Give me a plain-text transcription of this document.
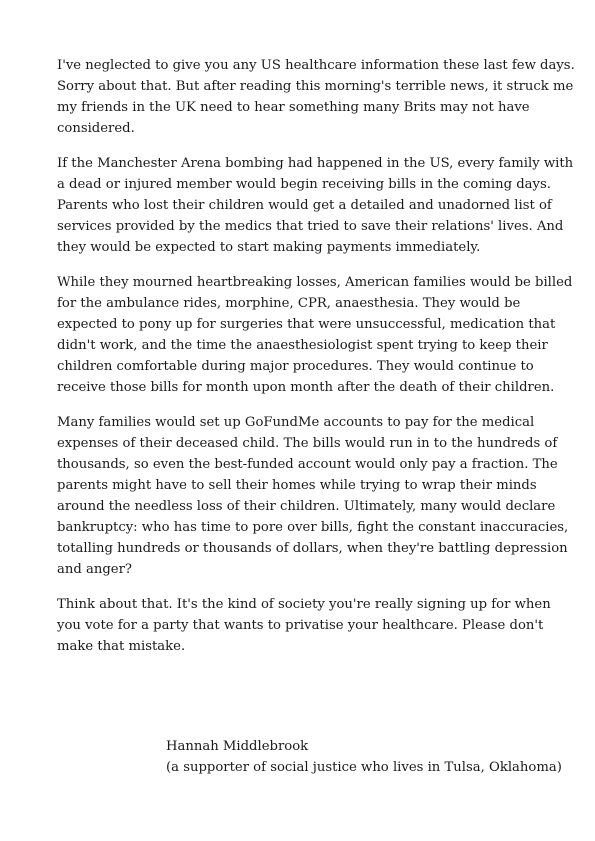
I've neglected to give you any US healthcare information these last few days.
Sorry about that. But after reading this morning's terrible news, it struck me
my friends in the UK need to hear something many Brits may not have
considered.

If the Manchester Arena bombing had happened in the US, every family with
a dead or injured member would begin receiving bills in the coming days.
Parents who lost their children would get a detailed and unadorned list of
services provided by the medics that tried to save their relations' lives. And
they would be expected to start making payments immediately.

While they mourned heartbreaking losses, American families would be billed
for the ambulance rides, morphine, CPR, anaesthesia. They would be
expected to pony up for surgeries that were unsuccessful, medication that
didn't work, and the time the anaesthesiologist spent trying to keep their
children comfortable during major procedures. They would continue to
receive those bills for month upon month after the death of their children.

Many families would set up GoFundMe accounts to pay for the medical
expenses of their deceased child. The bills would run in to the hundreds of
thousands, so even the best-funded account would only pay a fraction. The
parents might have to sell their homes while trying to wrap their minds
around the needless loss of their children. Ultimately, many would declare
bankruptcy: who has time to pore over bills, fight the constant inaccuracies,
totalling hundreds or thousands of dollars, when they're battling depression
and anger?

Think about that. It's the kind of society you're really signing up for when
you vote for a party that wants to privatise your healthcare. Please don't
make that mistake.

Hannah Middlebrook
(a supporter of social justice who lives in Tulsa, Oklahoma)
